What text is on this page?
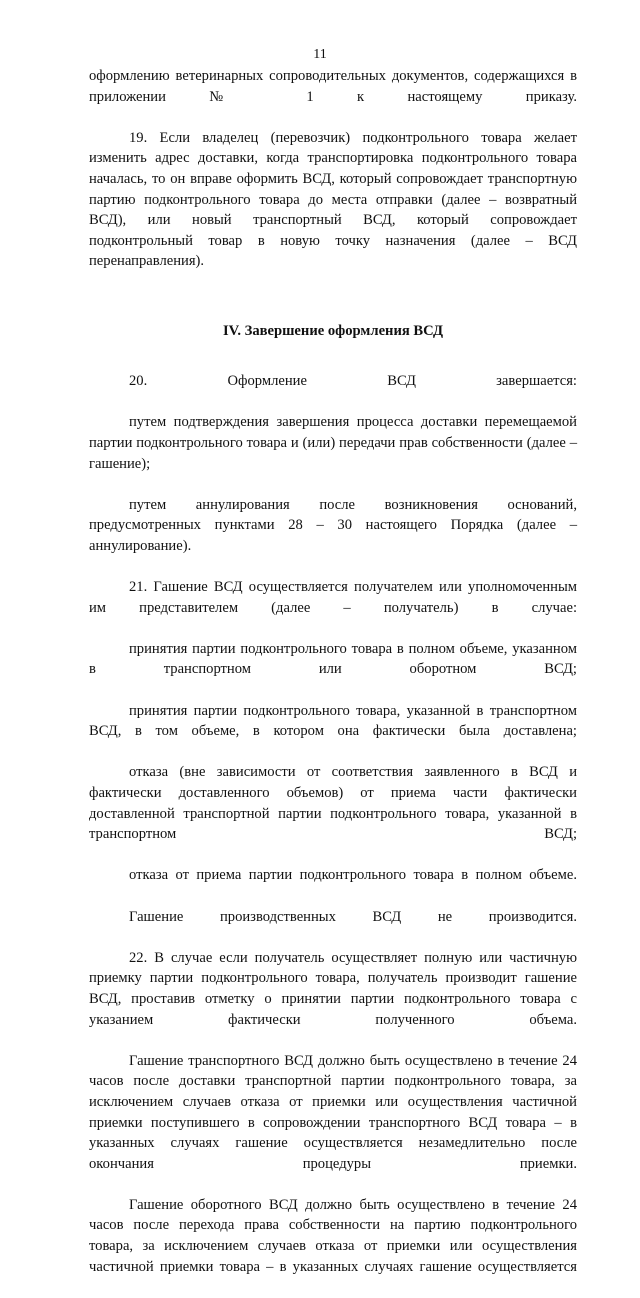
11

оформлению ветеринарных сопроводительных документов, содержащихся в приложении № 1 к настоящему приказу.

19. Если владелец (перевозчик) подконтрольного товара желает изменить адрес доставки, когда транспортировка подконтрольного товара началась, то он вправе оформить ВСД, который сопровождает транспортную партию подконтрольного товара до места отправки (далее – возвратный ВСД), или новый транспортный ВСД, который сопровождает подконтрольный товар в новую точку назначения (далее – ВСД перенаправления).

IV. Завершение оформления ВСД

20. Оформление ВСД завершается:

путем подтверждения завершения процесса доставки перемещаемой партии подконтрольного товара и (или) передачи прав собственности (далее – гашение);

путем аннулирования после возникновения оснований, предусмотренных пунктами 28 – 30 настоящего Порядка (далее – аннулирование).

21. Гашение ВСД осуществляется получателем или уполномоченным им представителем (далее – получатель) в случае:

принятия партии подконтрольного товара в полном объеме, указанном в транспортном или оборотном ВСД;

принятия партии подконтрольного товара, указанной в транспортном ВСД, в том объеме, в котором она фактически была доставлена;

отказа (вне зависимости от соответствия заявленного в ВСД и фактически доставленного объемов) от приема части фактически доставленной транспортной партии подконтрольного товара, указанной в транспортном ВСД;

отказа от приема партии подконтрольного товара в полном объеме.

Гашение производственных ВСД не производится.

22. В случае если получатель осуществляет полную или частичную приемку партии подконтрольного товара, получатель производит гашение ВСД, проставив отметку о принятии партии подконтрольного товара с указанием фактически полученного объема.

Гашение транспортного ВСД должно быть осуществлено в течение 24 часов после доставки транспортной партии подконтрольного товара, за исключением случаев отказа от приемки или осуществления частичной приемки поступившего в сопровождении транспортного ВСД товара – в указанных случаях гашение осуществляется незамедлительно после окончания процедуры приемки.

Гашение оборотного ВСД должно быть осуществлено в течение 24 часов после перехода права собственности на партию подконтрольного товара, за исключением случаев отказа от приемки или осуществления частичной приемки товара – в указанных случаях гашение осуществляется
